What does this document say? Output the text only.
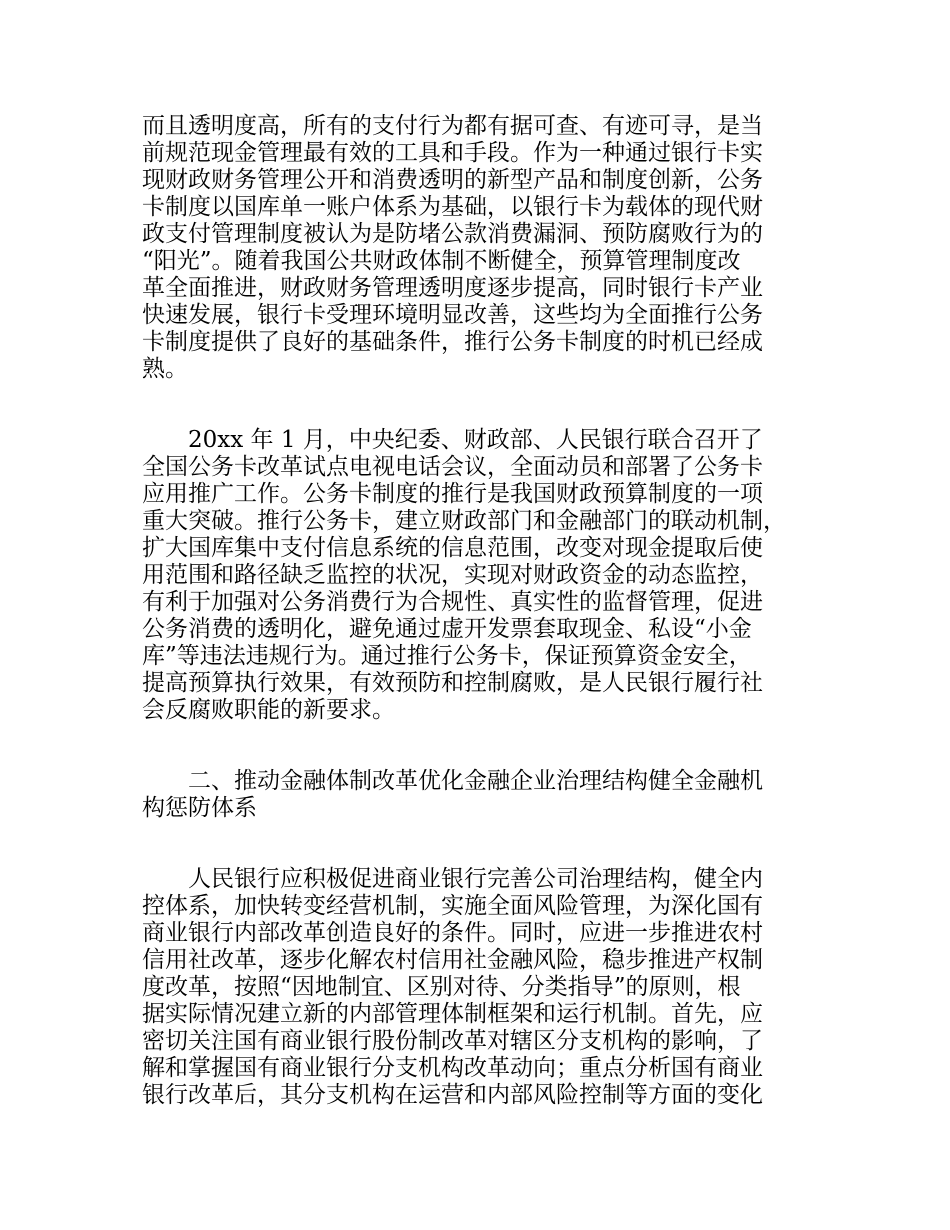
而且透明度高，所有的支付行为都有据可查、有迹可寻，是当
前规范现金管理最有效的工具和手段。作为一种通过银行卡实
现财政财务管理公开和消费透明的新型产品和制度创新，公务
卡制度以国库单一账户体系为基础，以银行卡为载体的现代财
政支付管理制度被认为是防堵公款消费漏洞、预防腐败行为的
“阳光”。随着我国公共财政体制不断健全，预算管理制度改
革全面推进，财政财务管理透明度逐步提高，同时银行卡产业
快速发展，银行卡受理环境明显改善，这些均为全面推行公务
卡制度提供了良好的基础条件，推行公务卡制度的时机已经成
熟。
20xx 年 1 月，中央纪委、财政部、人民银行联合召开了
全国公务卡改革试点电视电话会议，全面动员和部署了公务卡
应用推广工作。公务卡制度的推行是我国财政预算制度的一项
重大突破。推行公务卡，建立财政部门和金融部门的联动机制，
扩大国库集中支付信息系统的信息范围，改变对现金提取后使
用范围和路径缺乏监控的状况，实现对财政资金的动态监控，
有利于加强对公务消费行为合规性、真实性的监督管理，促进
公务消费的透明化，避免通过虚开发票套取现金、私设“小金
库”等违法违规行为。通过推行公务卡，保证预算资金安全，
提高预算执行效果，有效预防和控制腐败，是人民银行履行社
会反腐败职能的新要求。
二、推动金融体制改革优化金融企业治理结构健全金融机
构惩防体系
人民银行应积极促进商业银行完善公司治理结构，健全内
控体系，加快转变经营机制，实施全面风险管理，为深化国有
商业银行内部改革创造良好的条件。同时，应进一步推进农村
信用社改革，逐步化解农村信用社金融风险，稳步推进产权制
度改革，按照“因地制宜、区别对待、分类指导”的原则，根
据实际情况建立新的内部管理体制框架和运行机制。首先，应
密切关注国有商业银行股份制改革对辖区分支机构的影响，了
解和掌握国有商业银行分支机构改革动向；重点分析国有商业
银行改革后，其分支机构在运营和内部风险控制等方面的变化
